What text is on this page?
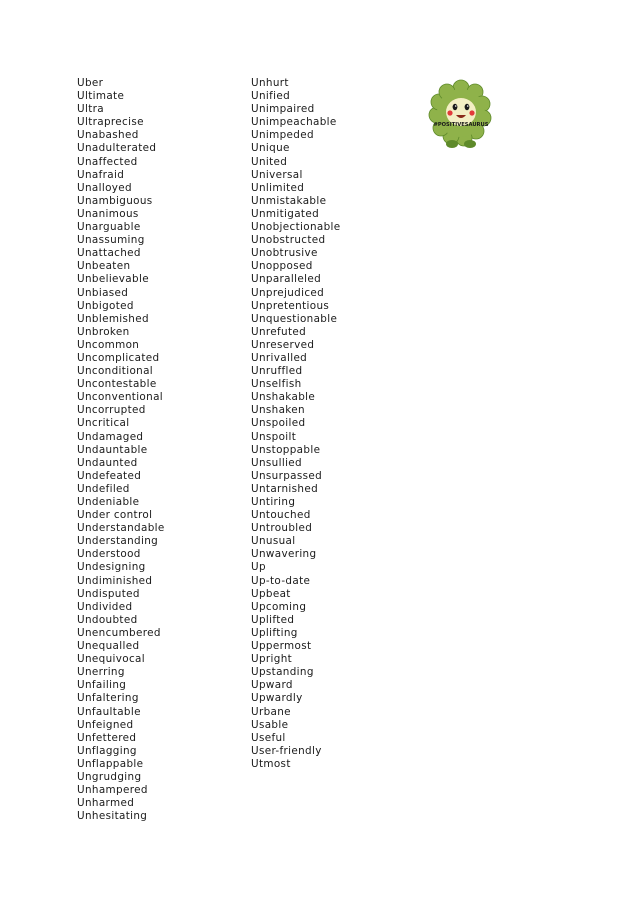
Uber
Ultimate
Ultra
Ultraprecise
Unabashed
Unadulterated
Unaffected
Unafraid
Unalloyed
Unambiguous
Unanimous
Unarguable
Unassuming
Unattached
Unbeaten
Unbelievable
Unbiased
Unbigoted
Unblemished
Unbroken
Uncommon
Uncomplicated
Unconditional
Uncontestable
Unconventional
Uncorrupted
Uncritical
Undamaged
Undauntable
Undaunted
Undefeated
Undefiled
Undeniable
Under control
Understandable
Understanding
Understood
Undesigning
Undiminished
Undisputed
Undivided
Undoubted
Unencumbered
Unequalled
Unequivocal
Unerring
Unfailing
Unfaltering
Unfaultable
Unfeigned
Unfettered
Unflagging
Unflappable
Ungrudging
Unhampered
Unharmed
Unhesitating
Unhurt
Unified
Unimpaired
Unimpeachable
Unimpeded
Unique
United
Universal
Unlimited
Unmistakable
Unmitigated
Unobjectionable
Unobstructed
Unobtrusive
Unopposed
Unparalleled
Unprejudiced
Unpretentious
Unquestionable
Unrefuted
Unreserved
Unrivalled
Unruffled
Unselfish
Unshakable
Unshaken
Unspoiled
Unspoilt
Unstoppable
Unsullied
Unsurpassed
Untarnished
Untiring
Untouched
Untroubled
Unusual
Unwavering
Up
Up-to-date
Upbeat
Upcoming
Uplifted
Uplifting
Uppermost
Upright
Upstanding
Upward
Upwardly
Urbane
Usable
Useful
User-friendly
Utmost
#POSITIVESAURUS
